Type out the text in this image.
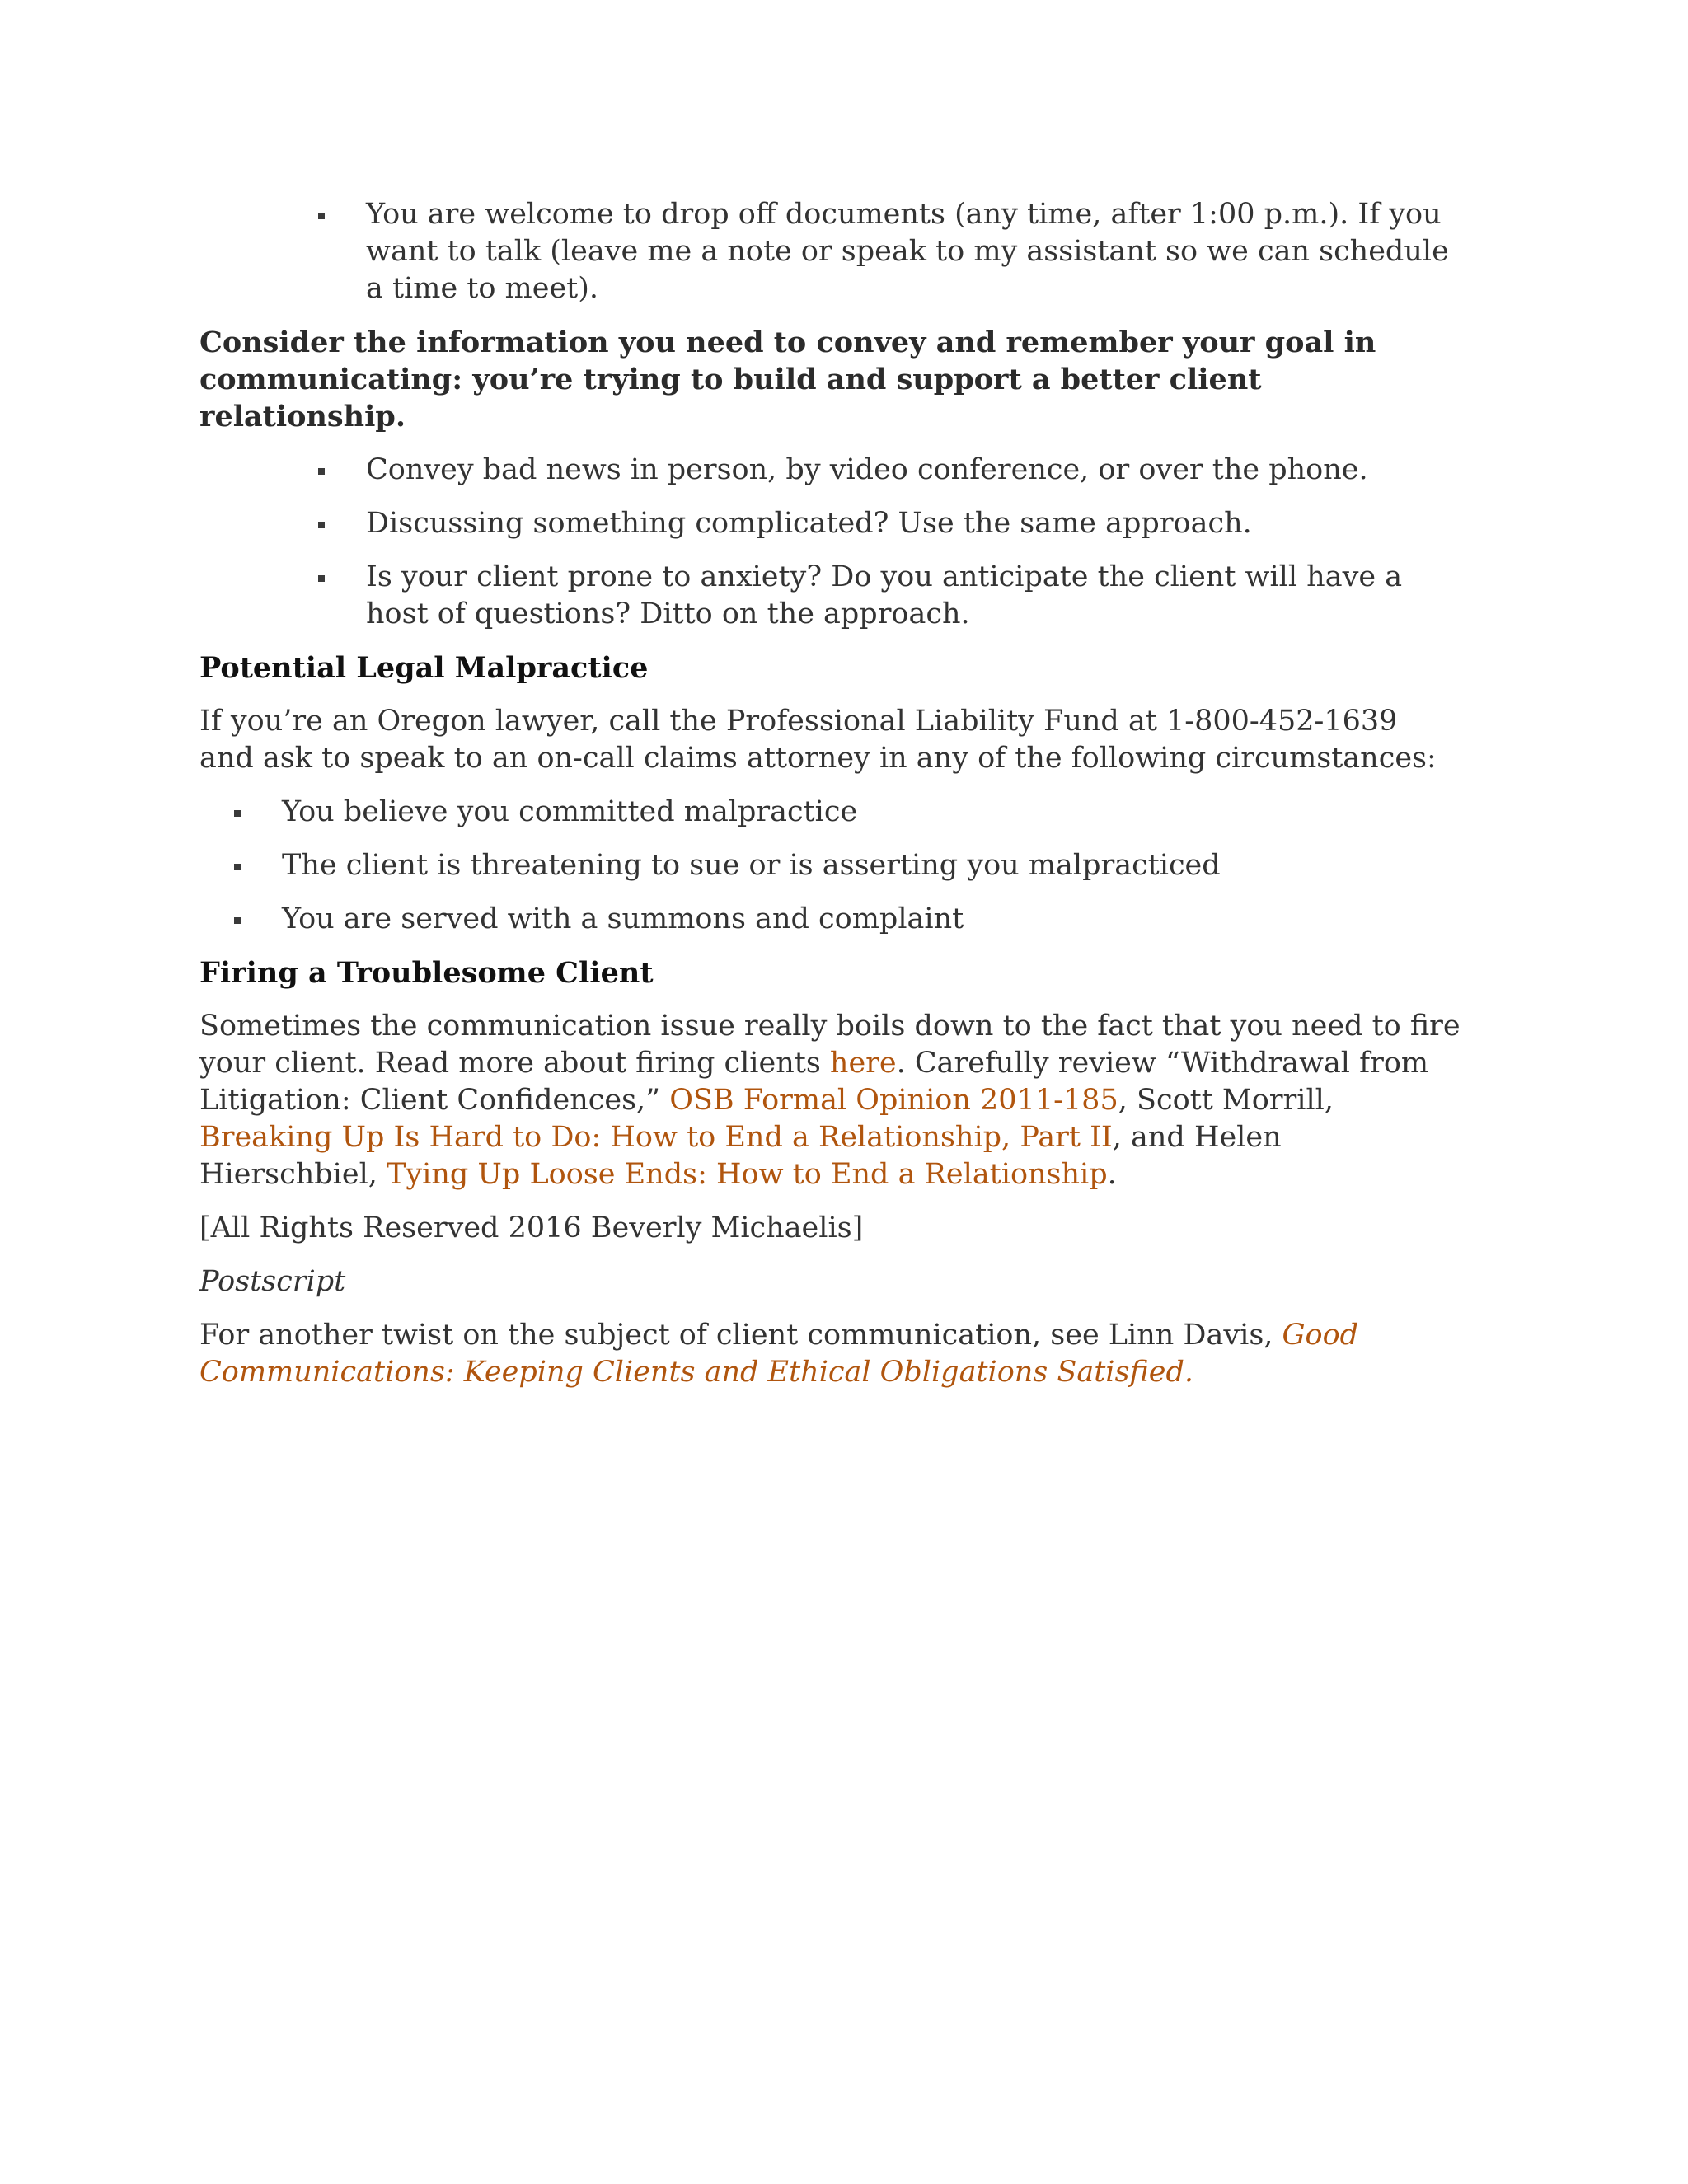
You are welcome to drop off documents (any time, after 1:00 p.m.). If you want to talk (leave me a note or speak to my assistant so we can schedule a time to meet).

Consider the information you need to convey and remember your goal in communicating: you’re trying to build and support a better client relationship.

Convey bad news in person, by video conference, or over the phone.
Discussing something complicated? Use the same approach.
Is your client prone to anxiety? Do you anticipate the client will have a host of questions? Ditto on the approach.

Potential Legal Malpractice

If you’re an Oregon lawyer, call the Professional Liability Fund at 1-800-452-1639 and ask to speak to an on-call claims attorney in any of the following circumstances:

You believe you committed malpractice
The client is threatening to sue or is asserting you malpracticed
You are served with a summons and complaint

Firing a Troublesome Client

Sometimes the communication issue really boils down to the fact that you need to fire your client. Read more about firing clients here. Carefully review “Withdrawal from Litigation: Client Confidences,” OSB Formal Opinion 2011-185, Scott Morrill, Breaking Up Is Hard to Do: How to End a Relationship, Part II, and Helen Hierschbiel, Tying Up Loose Ends: How to End a Relationship.

[All Rights Reserved 2016 Beverly Michaelis]

Postscript

For another twist on the subject of client communication, see Linn Davis, Good Communications: Keeping Clients and Ethical Obligations Satisfied.
